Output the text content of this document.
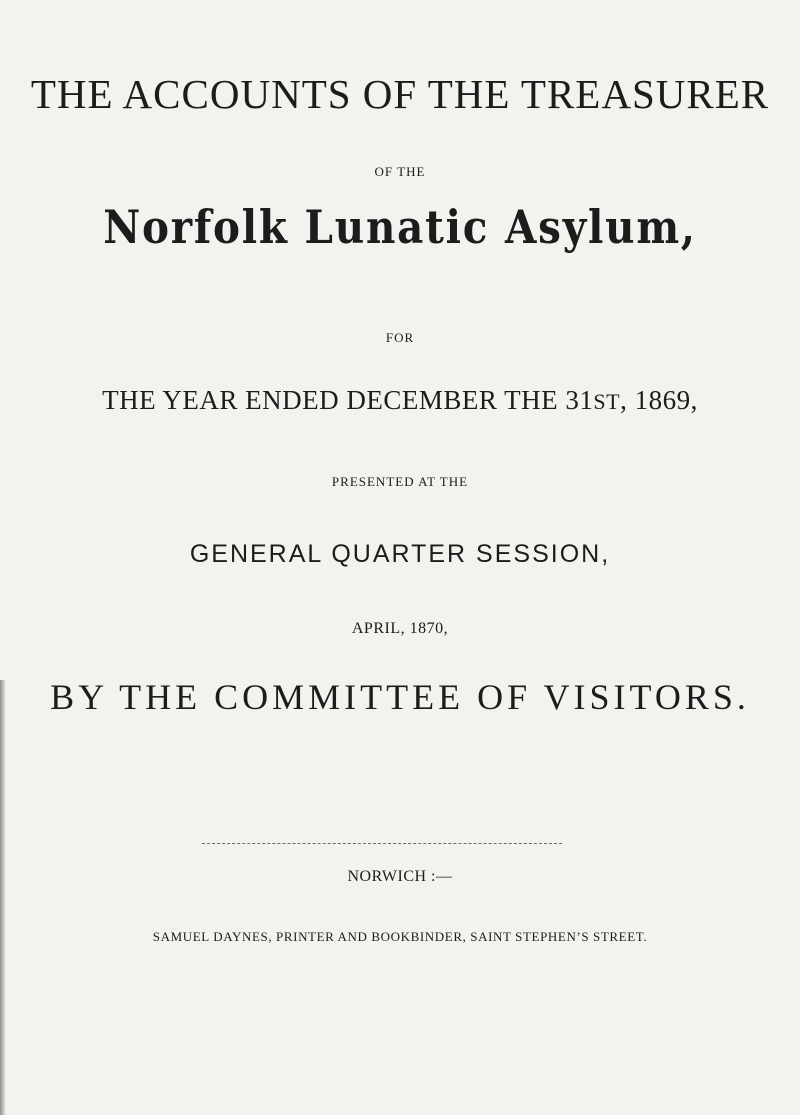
THE ACCOUNTS OF THE TREASURER
OF THE
Norfolk Lunatic Asylum,
FOR
THE YEAR ENDED DECEMBER THE 31ST, 1869,
PRESENTED AT THE
GENERAL QUARTER SESSION,
APRIL, 1870,
BY THE COMMITTEE OF VISITORS.
NORWICH :—
SAMUEL DAYNES, PRINTER AND BOOKBINDER, SAINT STEPHEN’S STREET.
